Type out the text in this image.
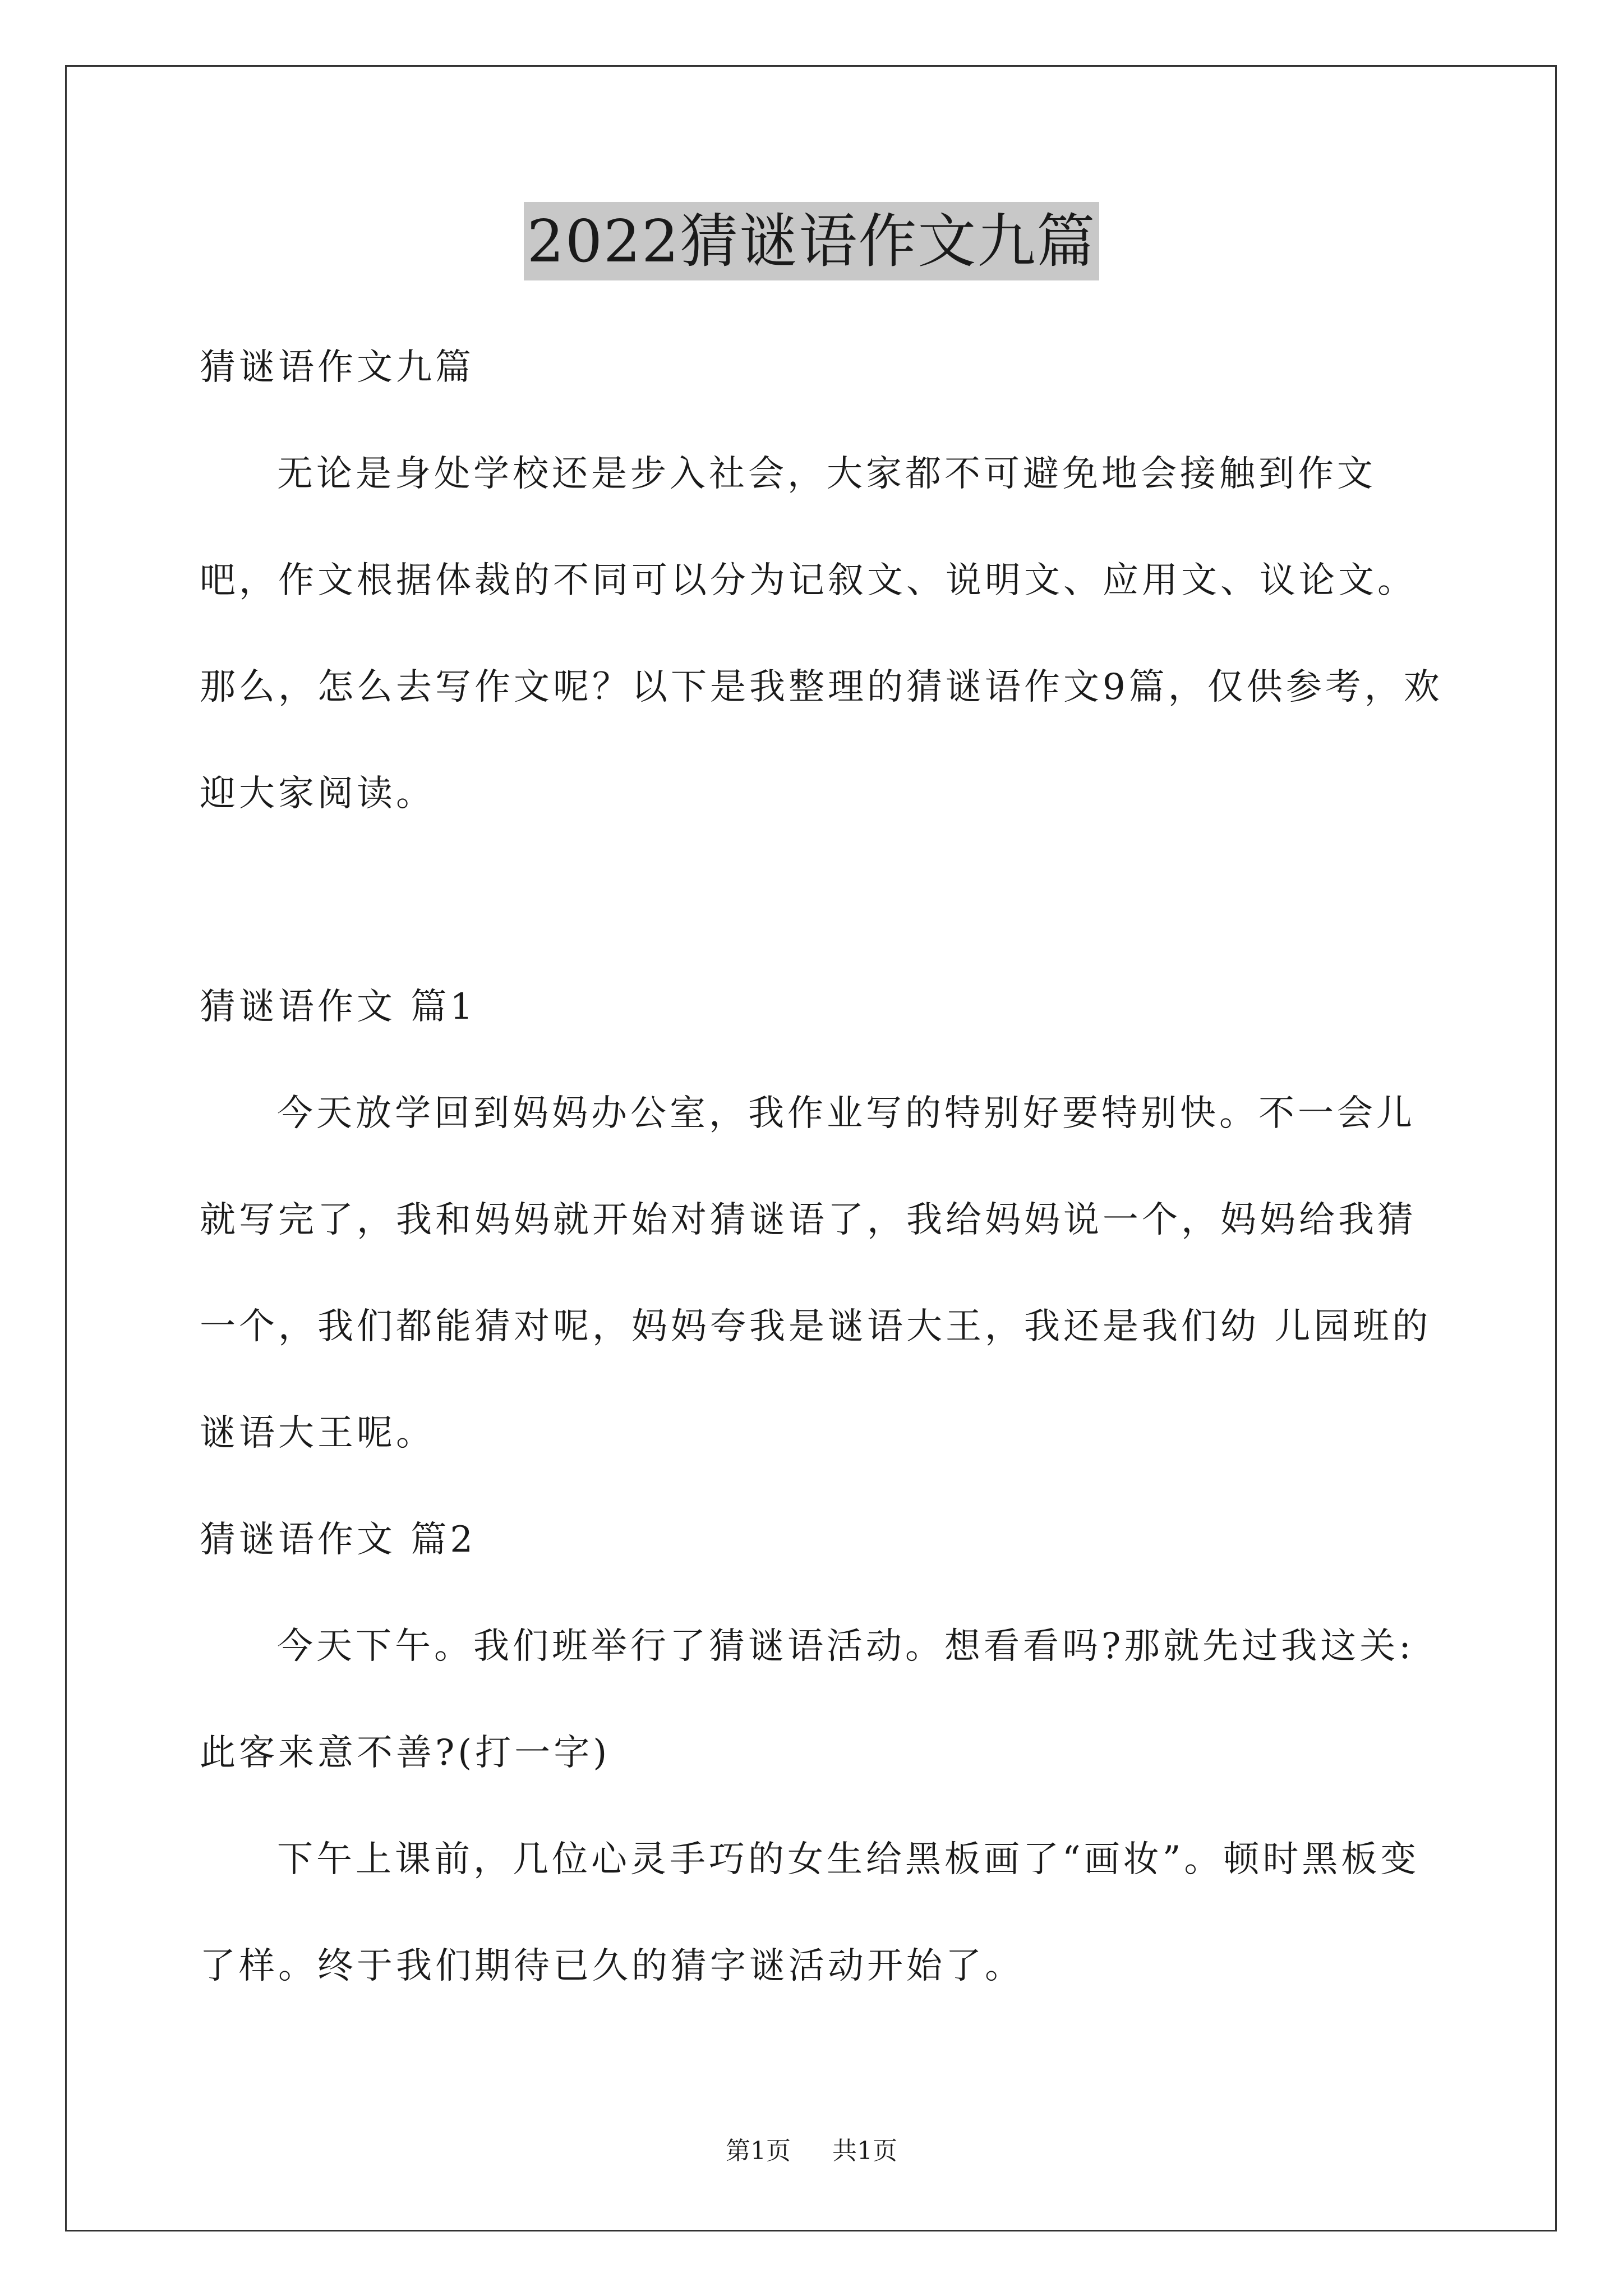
2022猜谜语作文九篇

猜谜语作文九篇

无论是身处学校还是步入社会，大家都不可避免地会接触到作文吧，作文根据体裁的不同可以分为记叙文、说明文、应用文、议论文。那么，怎么去写作文呢？以下是我整理的猜谜语作文9篇，仅供参考，欢迎大家阅读。

猜谜语作文 篇1

今天放学回到妈妈办公室，我作业写的特别好要特别快。不一会儿就写完了，我和妈妈就开始对猜谜语了，我给妈妈说一个，妈妈给我猜一个，我们都能猜对呢，妈妈夸我是谜语大王，我还是我们幼 儿园班的谜语大王呢。

猜谜语作文 篇2

今天下午。我们班举行了猜谜语活动。想看看吗?那就先过我这关:此客来意不善?(打一字)

下午上课前，几位心灵手巧的女生给黑板画了“画妆”。顿时黑板变了样。终于我们期待已久的猜字谜活动开始了。

第1页 共1页
